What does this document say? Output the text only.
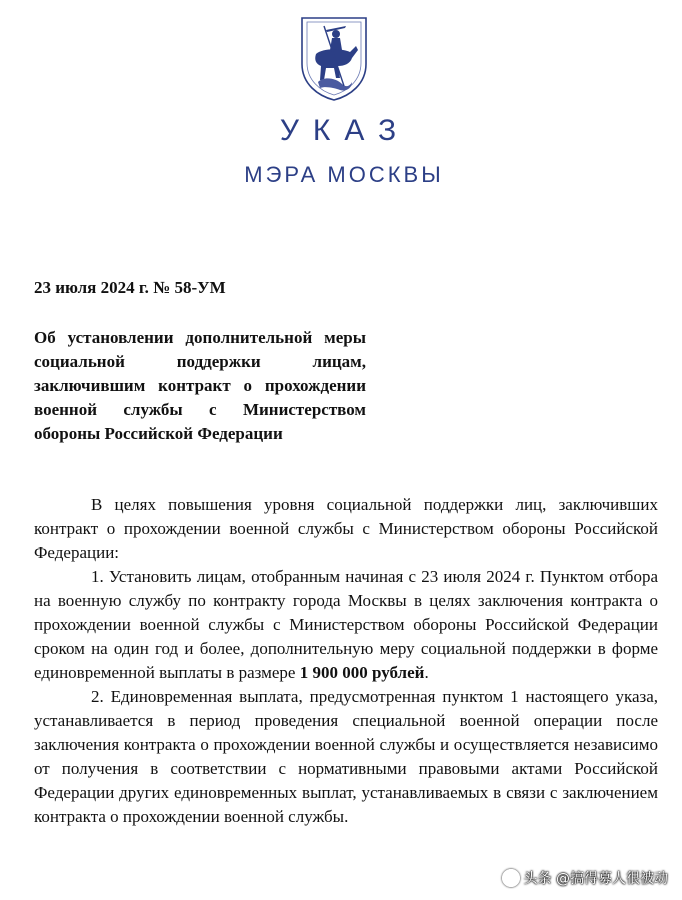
УКАЗ
МЭРА МОСКВЫ
23 июля 2024 г. № 58-УМ
Об установлении дополнительной меры социальной поддержки лицам, заключившим контракт о прохождении военной службы с Министерством обороны Российской Федерации

В целях повышения уровня социальной поддержки лиц, заключивших контракт о прохождении военной службы с Министерством обороны Российской Федерации:

1. Установить лицам, отобранным начиная с 23 июля 2024 г. Пунктом отбора на военную службу по контракту города Москвы в целях заключения контракта о прохождении военной службы с Министерством обороны Российской Федерации сроком на один год и более, дополнительную меру социальной поддержки в форме единовременной выплаты в размере 1 900 000 рублей.

2. Единовременная выплата, предусмотренная пунктом 1 настоящего указа, устанавливается в период проведения специальной военной операции после заключения контракта о прохождении военной службы и осуществляется независимо от получения в соответствии с нормативными правовыми актами Российской Федерации других единовременных выплат, устанавливаемых в связи с заключением контракта о прохождении военной службы.

头条 @搞得募人很被动
